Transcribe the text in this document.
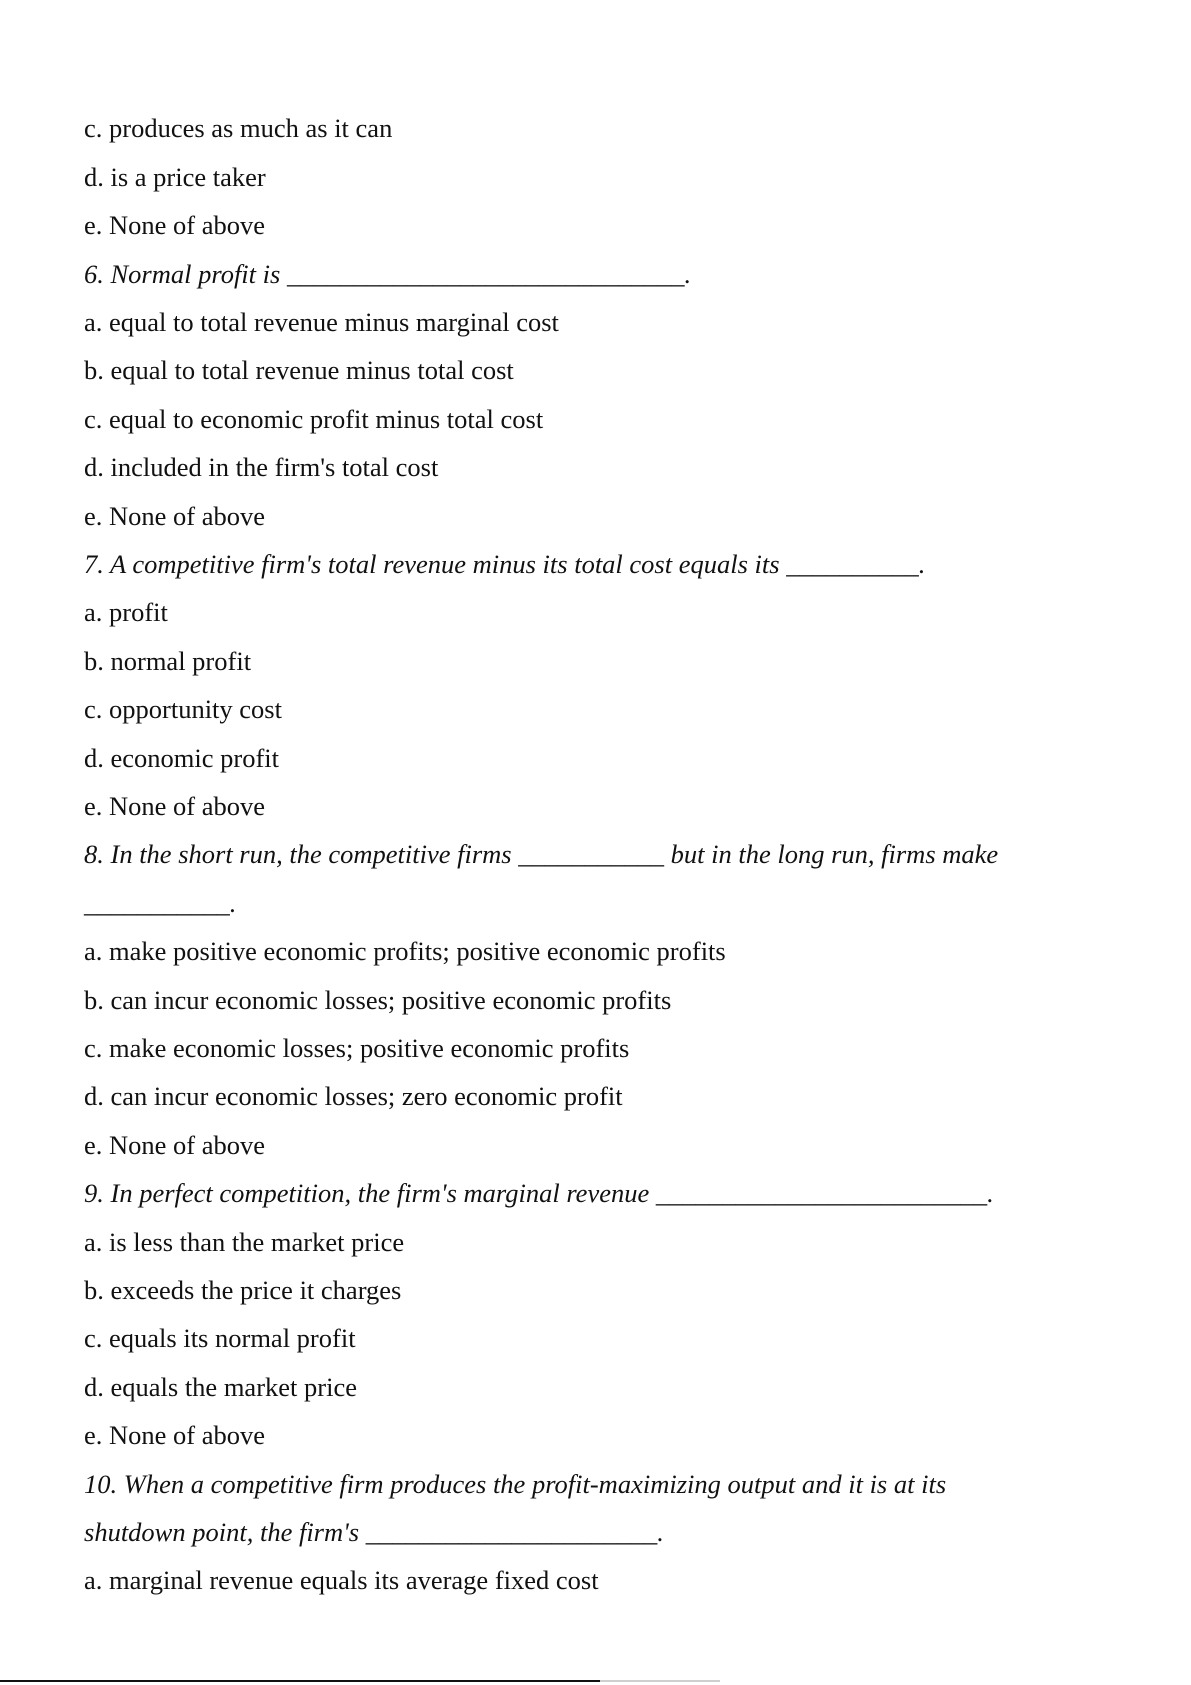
c. produces as much as it can

d. is a price taker

e. None of above

6. Normal profit is ______________________________.

a. equal to total revenue minus marginal cost

b. equal to total revenue minus total cost

c. equal to economic profit minus total cost

d. included in the firm's total cost

e. None of above

7. A competitive firm's total revenue minus its total cost equals its __________.

a. profit

b. normal profit

c. opportunity cost

d. economic profit

e. None of above

8. In the short run, the competitive firms ___________ but in the long run, firms make

___________.

a. make positive economic profits; positive economic profits

b. can incur economic losses; positive economic profits

c. make economic losses; positive economic profits

d. can incur economic losses; zero economic profit

e. None of above

9. In perfect competition, the firm's marginal revenue _________________________.

a. is less than the market price

b. exceeds the price it charges

c. equals its normal profit

d. equals the market price

e. None of above

10. When a competitive firm produces the profit-maximizing output and it is at its

shutdown point, the firm's ______________________.

a. marginal revenue equals its average fixed cost
